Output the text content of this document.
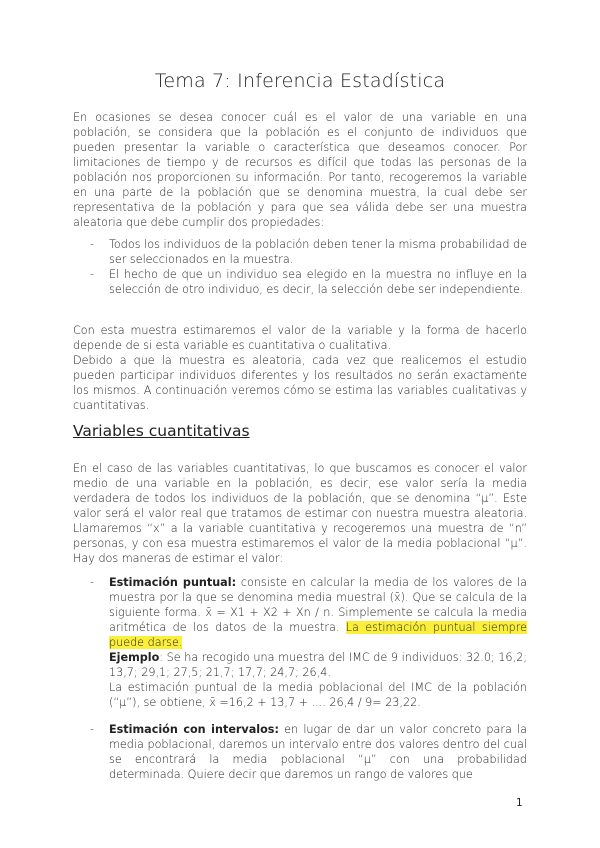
Tema 7: Inferencia Estadística

En ocasiones se desea conocer cuál es el valor de una variable en una población, se considera que la población es el conjunto de individuos que pueden presentar la variable o característica que deseamos conocer. Por limitaciones de tiempo y de recursos es difícil que todas las personas de la población nos proporcionen su información. Por tanto, recogeremos la variable en una parte de la población que se denomina muestra, la cual debe ser representativa de la población y para que sea válida debe ser una muestra aleatoria que debe cumplir dos propiedades:

- Todos los individuos de la población deben tener la misma probabilidad de ser seleccionados en la muestra.
- El hecho de que un individuo sea elegido en la muestra no influye en la selección de otro individuo, es decir, la selección debe ser independiente.
Con esta muestra estimaremos el valor de la variable y la forma de hacerlo depende de si esta variable es cuantitativa o cualitativa.
Debido a que la muestra es aleatoria, cada vez que realicemos el estudio pueden participar individuos diferentes y los resultados no serán exactamente los mismos. A continuación veremos cómo se estima las variables cualitativas y cuantitativas.
Variables cuantitativas

En el caso de las variables cuantitativas, lo que buscamos es conocer el valor medio de una variable en la población, es decir, ese valor sería la media verdadera de todos los individuos de la población, que se denomina “μ”. Este valor será el valor real que tratamos de estimar con nuestra muestra aleatoria. Llamaremos “x” a la variable cuantitativa y recogeremos una muestra de “n” personas, y con esa muestra estimaremos el valor de la media poblacional “μ”. Hay dos maneras de estimar el valor:

- Estimación puntual: consiste en calcular la media de los valores de la muestra por la que se denomina media muestral (x̄). Que se calcula de la siguiente forma. x̄ = X1 + X2 + Xn / n. Simplemente se calcula la media aritmética de los datos de la muestra. La estimación puntual siempre puede darse.
Ejemplo: Se ha recogido una muestra del IMC de 9 individuos: 32.0; 16,2; 13,7; 29,1; 27,5; 21,7; 17,7; 24,7; 26,4.
La estimación puntual de la media poblacional del IMC de la población (“μ”), se obtiene, x̄ =16,2 + 13,7 + .... 26,4 / 9= 23,22.
- Estimación con intervalos: en lugar de dar un valor concreto para la media poblacional, daremos un intervalo entre dos valores dentro del cual se encontrará la media poblacional “μ” con una probabilidad determinada. Quiere decir que daremos un rango de valores que
1
